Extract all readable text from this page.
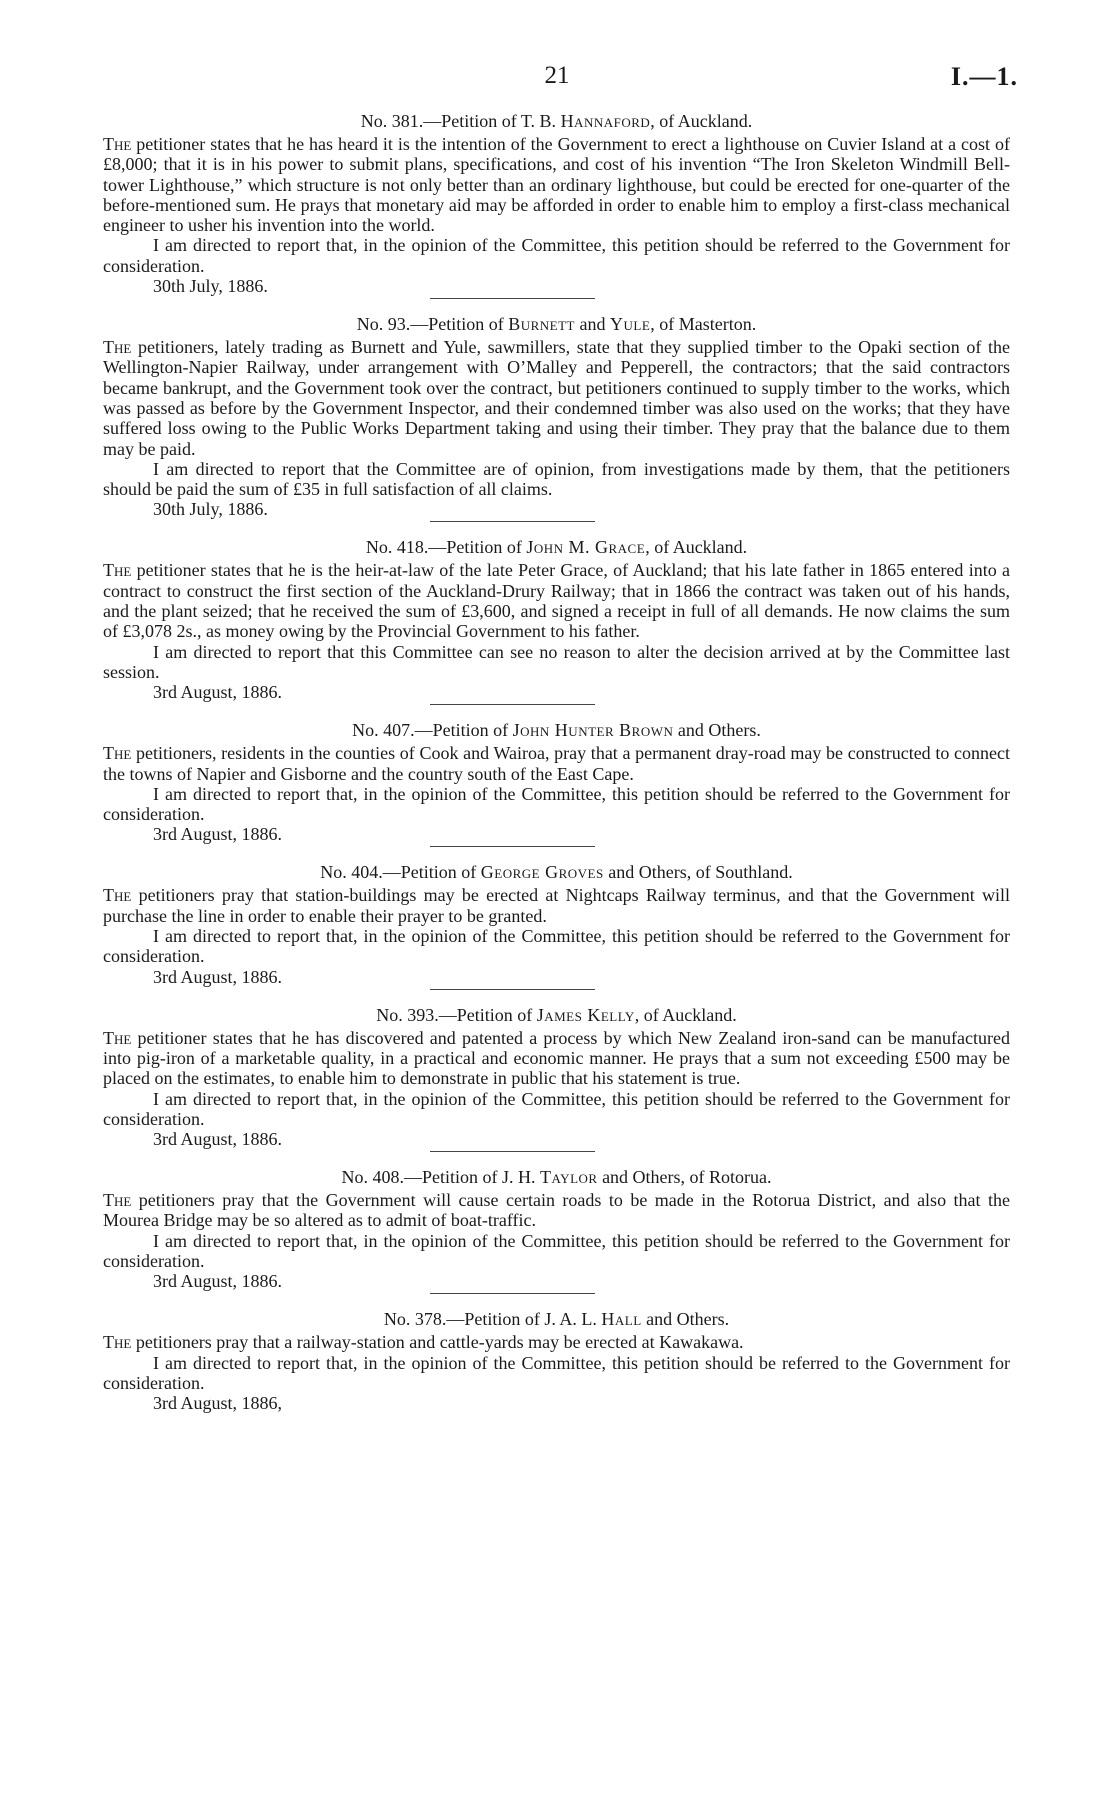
21	I.—1.

No. 381.—Petition of T. B. Hannaford, of Auckland.

The petitioner states that he has heard it is the intention of the Government to erect a lighthouse on Cuvier Island at a cost of £8,000; that it is in his power to submit plans, specifications, and cost of his invention “The Iron Skeleton Windmill Bell-tower Lighthouse,” which structure is not only better than an ordinary lighthouse, but could be erected for one-quarter of the before-mentioned sum. He prays that monetary aid may be afforded in order to enable him to employ a first-class mechanical engineer to usher his invention into the world.

I am directed to report that, in the opinion of the Committee, this petition should be referred to the Government for consideration.

30th July, 1886.

No. 93.—Petition of Burnett and Yule, of Masterton.

The petitioners, lately trading as Burnett and Yule, sawmillers, state that they supplied timber to the Opaki section of the Wellington-Napier Railway, under arrangement with O’Malley and Pepperell, the contractors; that the said contractors became bankrupt, and the Government took over the contract, but petitioners continued to supply timber to the works, which was passed as before by the Government Inspector, and their condemned timber was also used on the works; that they have suffered loss owing to the Public Works Department taking and using their timber. They pray that the balance due to them may be paid.

I am directed to report that the Committee are of opinion, from investigations made by them, that the petitioners should be paid the sum of £35 in full satisfaction of all claims.

30th July, 1886.

No. 418.—Petition of John M. Grace, of Auckland.

The petitioner states that he is the heir-at-law of the late Peter Grace, of Auckland; that his late father in 1865 entered into a contract to construct the first section of the Auckland-Drury Railway; that in 1866 the contract was taken out of his hands, and the plant seized; that he received the sum of £3,600, and signed a receipt in full of all demands. He now claims the sum of £3,078 2s., as money owing by the Provincial Government to his father.

I am directed to report that this Committee can see no reason to alter the decision arrived at by the Committee last session.

3rd August, 1886.

No. 407.—Petition of John Hunter Brown and Others.

The petitioners, residents in the counties of Cook and Wairoa, pray that a permanent dray-road may be constructed to connect the towns of Napier and Gisborne and the country south of the East Cape.

I am directed to report that, in the opinion of the Committee, this petition should be referred to the Government for consideration.

3rd August, 1886.

No. 404.—Petition of George Groves and Others, of Southland.

The petitioners pray that station-buildings may be erected at Nightcaps Railway terminus, and that the Government will purchase the line in order to enable their prayer to be granted.

I am directed to report that, in the opinion of the Committee, this petition should be referred to the Government for consideration.

3rd August, 1886.

No. 393.—Petition of James Kelly, of Auckland.

The petitioner states that he has discovered and patented a process by which New Zealand iron-sand can be manufactured into pig-iron of a marketable quality, in a practical and economic manner. He prays that a sum not exceeding £500 may be placed on the estimates, to enable him to demonstrate in public that his statement is true.

I am directed to report that, in the opinion of the Committee, this petition should be referred to the Government for consideration.

3rd August, 1886.

No. 408.—Petition of J. H. Taylor and Others, of Rotorua.

The petitioners pray that the Government will cause certain roads to be made in the Rotorua District, and also that the Mourea Bridge may be so altered as to admit of boat-traffic.

I am directed to report that, in the opinion of the Committee, this petition should be referred to the Government for consideration.

3rd August, 1886.

No. 378.—Petition of J. A. L. Hall and Others.

The petitioners pray that a railway-station and cattle-yards may be erected at Kawakawa.

I am directed to report that, in the opinion of the Committee, this petition should be referred to the Government for consideration.

3rd August, 1886,
